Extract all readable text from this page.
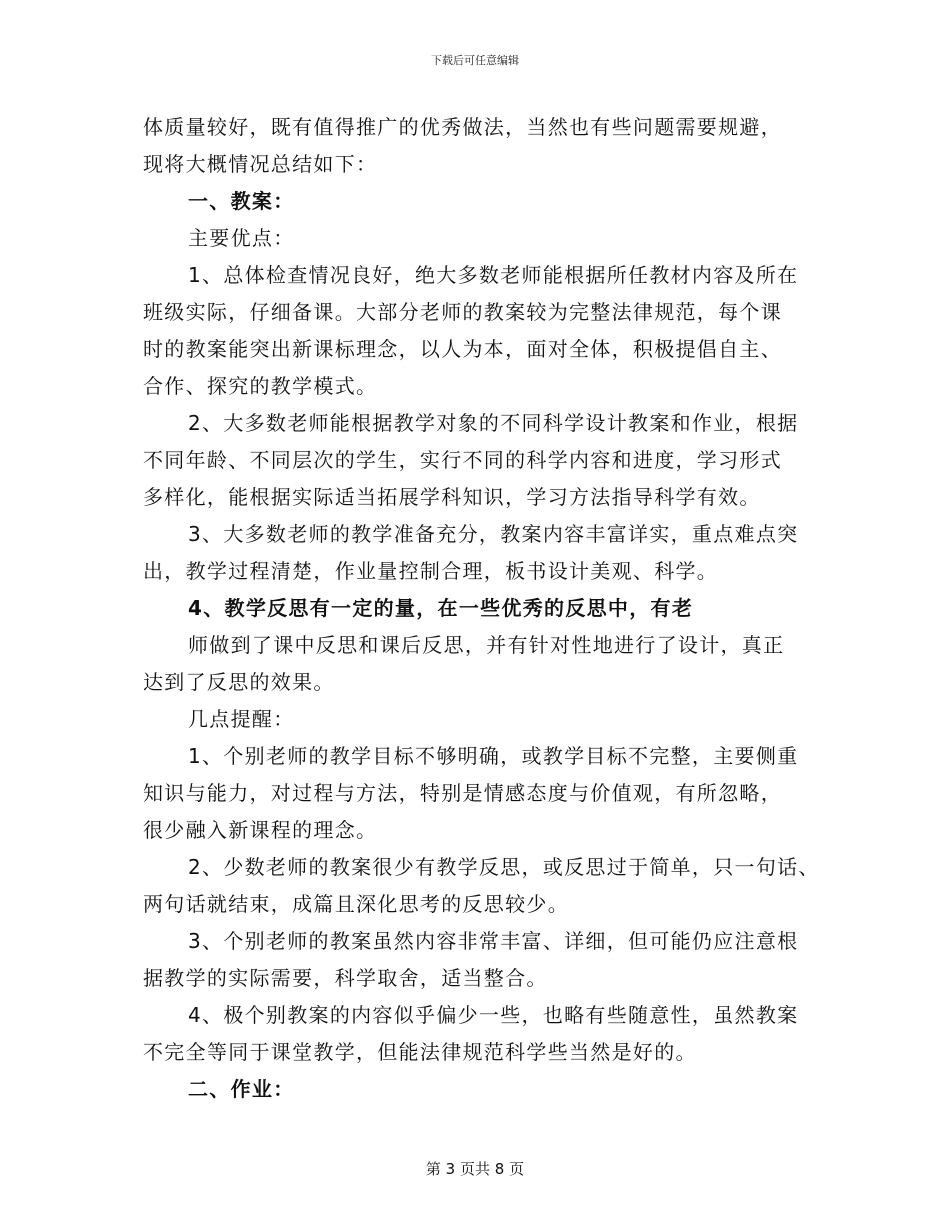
下载后可任意编辑
体质量较好，既有值得推广的优秀做法，当然也有些问题需要规避，
现将大概情况总结如下：
一、教案：
主要优点：
1、总体检查情况良好，绝大多数老师能根据所任教材内容及所在
班级实际，仔细备课。大部分老师的教案较为完整法律规范，每个课
时的教案能突出新课标理念，以人为本，面对全体，积极提倡自主、
合作、探究的教学模式。
2、大多数老师能根据教学对象的不同科学设计教案和作业，根据
不同年龄、不同层次的学生，实行不同的科学内容和进度，学习形式
多样化，能根据实际适当拓展学科知识，学习方法指导科学有效。
3、大多数老师的教学准备充分，教案内容丰富详实，重点难点突
出，教学过程清楚，作业量控制合理，板书设计美观、科学。
4、教学反思有一定的量，在一些优秀的反思中，有老
师做到了课中反思和课后反思，并有针对性地进行了设计，真正
达到了反思的效果。
几点提醒：
1、个别老师的教学目标不够明确，或教学目标不完整，主要侧重
知识与能力，对过程与方法，特别是情感态度与价值观，有所忽略，
很少融入新课程的理念。
2、少数老师的教案很少有教学反思，或反思过于简单，只一句话、
两句话就结束，成篇且深化思考的反思较少。
3、个别老师的教案虽然内容非常丰富、详细，但可能仍应注意根
据教学的实际需要，科学取舍，适当整合。
4、极个别教案的内容似乎偏少一些，也略有些随意性，虽然教案
不完全等同于课堂教学，但能法律规范科学些当然是好的。
二、作业：
第 3 页共 8 页
